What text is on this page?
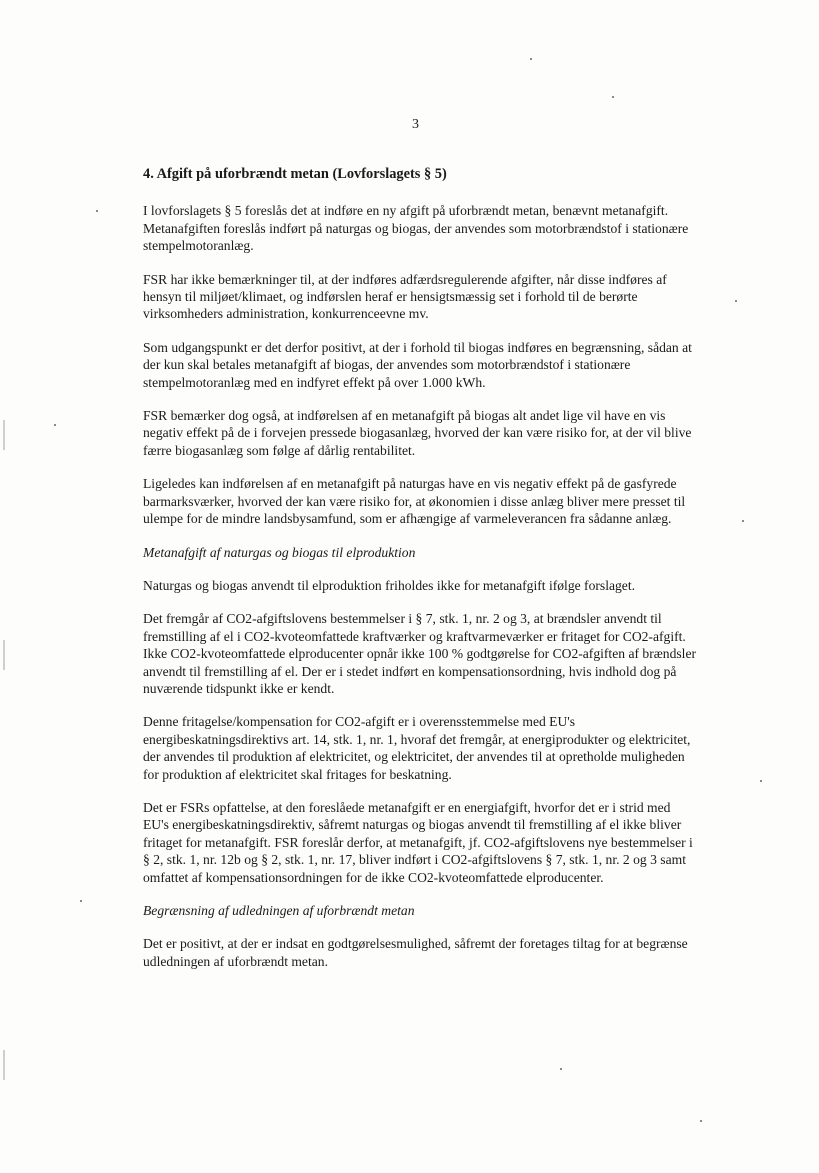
3
4. Afgift på uforbrændt metan (Lovforslagets § 5)

I lovforslagets § 5 foreslås det at indføre en ny afgift på uforbrændt metan, benævnt metanafgift. Metanafgiften foreslås indført på naturgas og biogas, der anvendes som motorbrændstof i stationære stempelmotoranlæg.

FSR har ikke bemærkninger til, at der indføres adfærdsregulerende afgifter, når disse indføres af hensyn til miljøet/klimaet, og indførslen heraf er hensigtsmæssig set i forhold til de berørte virksomheders administration, konkurrenceevne mv.

Som udgangspunkt er det derfor positivt, at der i forhold til biogas indføres en begrænsning, sådan at der kun skal betales metanafgift af biogas, der anvendes som motorbrændstof i stationære stempelmotoranlæg med en indfyret effekt på over 1.000 kWh.

FSR bemærker dog også, at indførelsen af en metanafgift på biogas alt andet lige vil have en vis negativ effekt på de i forvejen pressede biogasanlæg, hvorved der kan være risiko for, at der vil blive færre biogasanlæg som følge af dårlig rentabilitet.

Ligeledes kan indførelsen af en metanafgift på naturgas have en vis negativ effekt på de gasfyrede barmarksværker, hvorved der kan være risiko for, at økonomien i disse anlæg bliver mere presset til ulempe for de mindre landsbysamfund, som er afhængige af varmeleverancen fra sådanne anlæg.

Metanafgift af naturgas og biogas til elproduktion

Naturgas og biogas anvendt til elproduktion friholdes ikke for metanafgift ifølge forslaget.

Det fremgår af CO2-afgiftslovens bestemmelser i § 7, stk. 1, nr. 2 og 3, at brændsler anvendt til fremstilling af el i CO2-kvoteomfattede kraftværker og kraftvarmeværker er fritaget for CO2-afgift. Ikke CO2-kvoteomfattede elproducenter opnår ikke 100 % godtgørelse for CO2-afgiften af brændsler anvendt til fremstilling af el. Der er i stedet indført en kompensationsordning, hvis indhold dog på nuværende tidspunkt ikke er kendt.

Denne fritagelse/kompensation for CO2-afgift er i overensstemmelse med EU's energibeskatningsdirektivs art. 14, stk. 1, nr. 1, hvoraf det fremgår, at energiprodukter og elektricitet, der anvendes til produktion af elektricitet, og elektricitet, der anvendes til at opretholde muligheden for produktion af elektricitet skal fritages for beskatning.

Det er FSRs opfattelse, at den foreslåede metanafgift er en energiafgift, hvorfor det er i strid med EU's energibeskatningsdirektiv, såfremt naturgas og biogas anvendt til fremstilling af el ikke bliver fritaget for metanafgift. FSR foreslår derfor, at metanafgift, jf. CO2-afgiftslovens nye bestemmelser i § 2, stk. 1, nr. 12b og § 2, stk. 1, nr. 17, bliver indført i CO2-afgiftslovens § 7, stk. 1, nr. 2 og 3 samt omfattet af kompensationsordningen for de ikke CO2-kvoteomfattede elproducenter.

Begrænsning af udledningen af uforbrændt metan

Det er positivt, at der er indsat en godtgørelsesmulighed, såfremt der foretages tiltag for at begrænse udledningen af uforbrændt metan.
